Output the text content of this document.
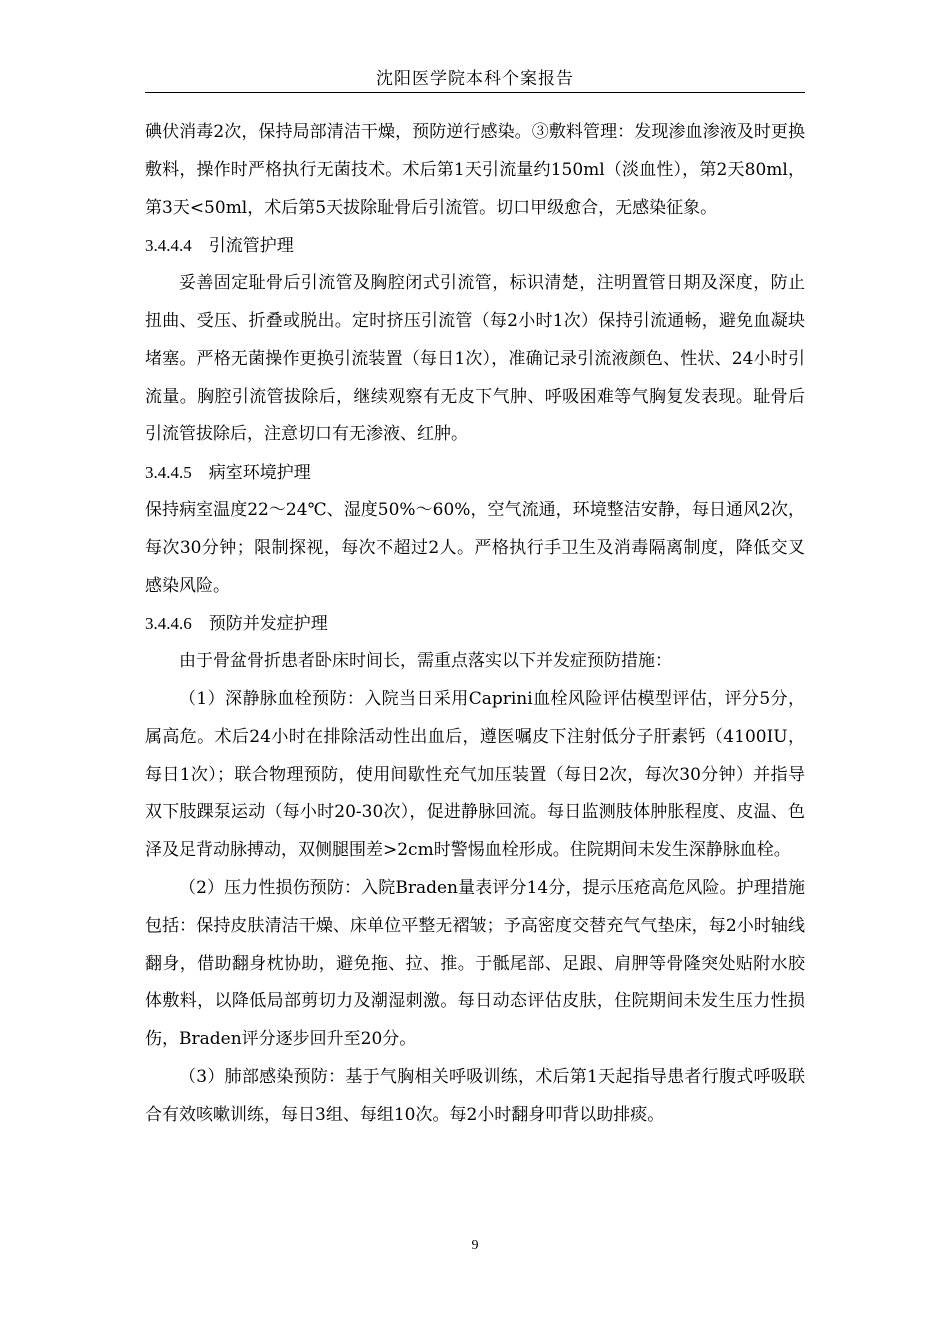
沈阳医学院本科个案报告

碘伏消毒2次，保持局部清洁干燥，预防逆行感染。③敷料管理：发现渗血渗液及时更换敷料，操作时严格执行无菌技术。术后第1天引流量约150ml（淡血性），第2天80ml，第3天<50ml，术后第5天拔除耻骨后引流管。切口甲级愈合，无感染征象。

3.4.4.4　引流管护理

妥善固定耻骨后引流管及胸腔闭式引流管，标识清楚，注明置管日期及深度，防止扭曲、受压、折叠或脱出。定时挤压引流管（每2小时1次）保持引流通畅，避免血凝块堵塞。严格无菌操作更换引流装置（每日1次），准确记录引流液颜色、性状、24小时引流量。胸腔引流管拔除后，继续观察有无皮下气肿、呼吸困难等气胸复发表现。耻骨后引流管拔除后，注意切口有无渗液、红肿。

3.4.4.5　病室环境护理

保持病室温度22～24℃、湿度50%～60%，空气流通，环境整洁安静，每日通风2次，每次30分钟；限制探视，每次不超过2人。严格执行手卫生及消毒隔离制度，降低交叉感染风险。

3.4.4.6　预防并发症护理

由于骨盆骨折患者卧床时间长，需重点落实以下并发症预防措施：

（1）深静脉血栓预防：入院当日采用Caprini血栓风险评估模型评估，评分5分，属高危。术后24小时在排除活动性出血后，遵医嘱皮下注射低分子肝素钙（4100IU，每日1次）；联合物理预防，使用间歇性充气加压装置（每日2次，每次30分钟）并指导双下肢踝泵运动（每小时20-30次），促进静脉回流。每日监测肢体肿胀程度、皮温、色泽及足背动脉搏动，双侧腿围差>2cm时警惕血栓形成。住院期间未发生深静脉血栓。

（2）压力性损伤预防：入院Braden量表评分14分，提示压疮高危风险。护理措施包括：保持皮肤清洁干燥、床单位平整无褶皱；予高密度交替充气气垫床，每2小时轴线翻身，借助翻身枕协助，避免拖、拉、推。于骶尾部、足跟、肩胛等骨隆突处贴附水胶体敷料，以降低局部剪切力及潮湿刺激。每日动态评估皮肤，住院期间未发生压力性损伤，Braden评分逐步回升至20分。

（3）肺部感染预防：基于气胸相关呼吸训练，术后第1天起指导患者行腹式呼吸联合有效咳嗽训练，每日3组、每组10次。每2小时翻身叩背以助排痰。

9
